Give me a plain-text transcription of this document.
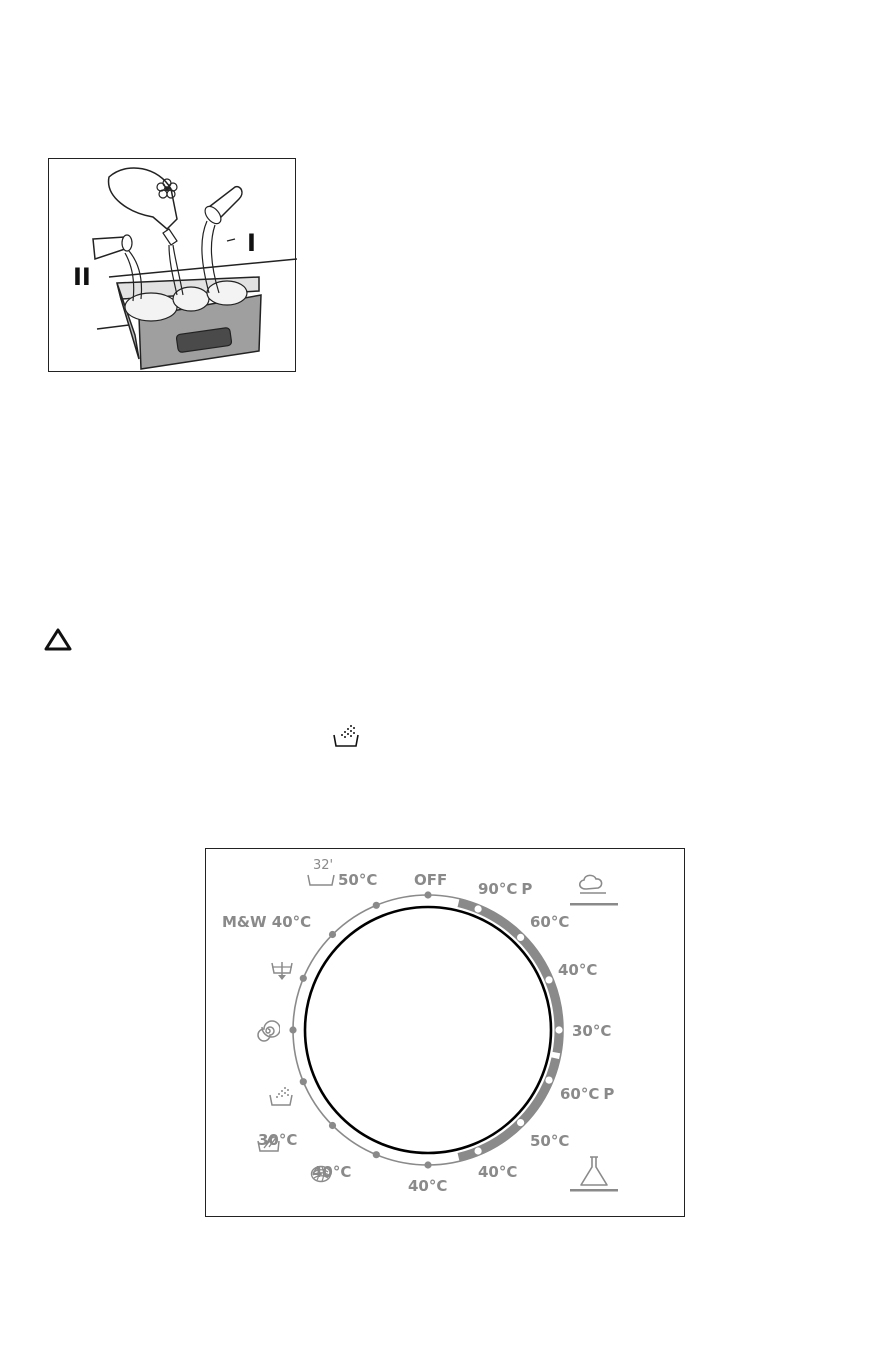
I
II
OFF 90°C P
60°C
40°C
30°C
60°C P
50°C
40°C
40°C
40°C
30°C
M&W 40°C
32'
50°C
